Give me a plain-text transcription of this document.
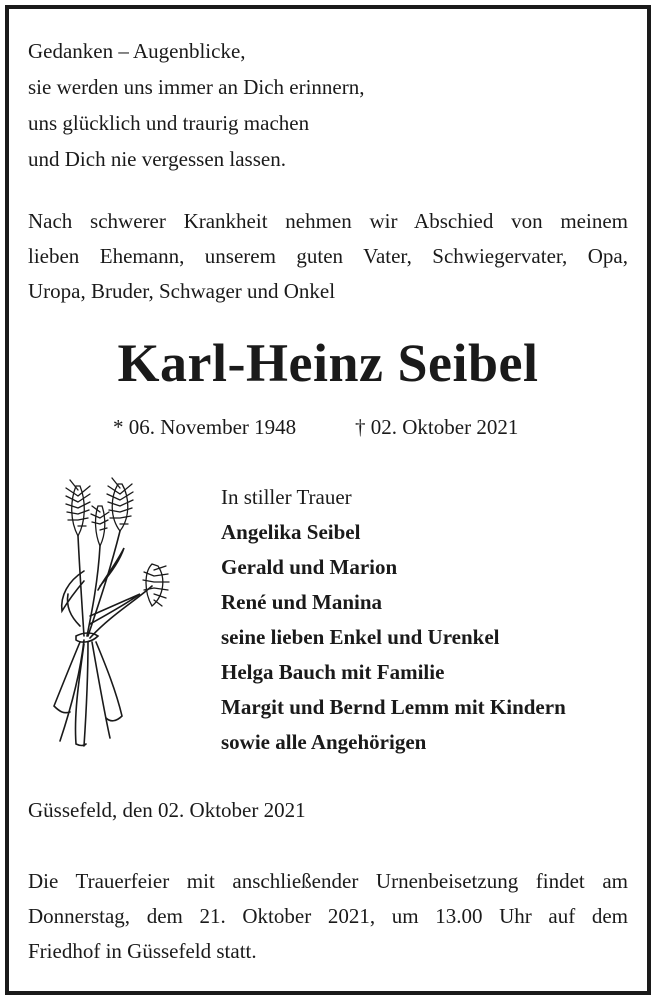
Gedanken – Augenblicke,
sie werden uns immer an Dich erinnern,
uns glücklich und traurig machen
und Dich nie vergessen lassen.
Nach schwerer Krankheit nehmen wir Abschied von meinem
lieben Ehemann, unserem guten Vater, Schwiegervater, Opa,
Uropa, Bruder, Schwager und Onkel
Karl-Heinz Seibel
* 06. November 1948	† 02. Oktober 2021
In stiller Trauer
Angelika Seibel
Gerald und Marion
René und Manina
seine lieben Enkel und Urenkel
Helga Bauch mit Familie
Margit und Bernd Lemm mit Kindern
sowie alle Angehörigen
Güssefeld, den 02. Oktober 2021
Die Trauerfeier mit anschließender Urnenbeisetzung findet am
Donnerstag, dem 21. Oktober 2021, um 13.00 Uhr auf dem
Friedhof in Güssefeld statt.
